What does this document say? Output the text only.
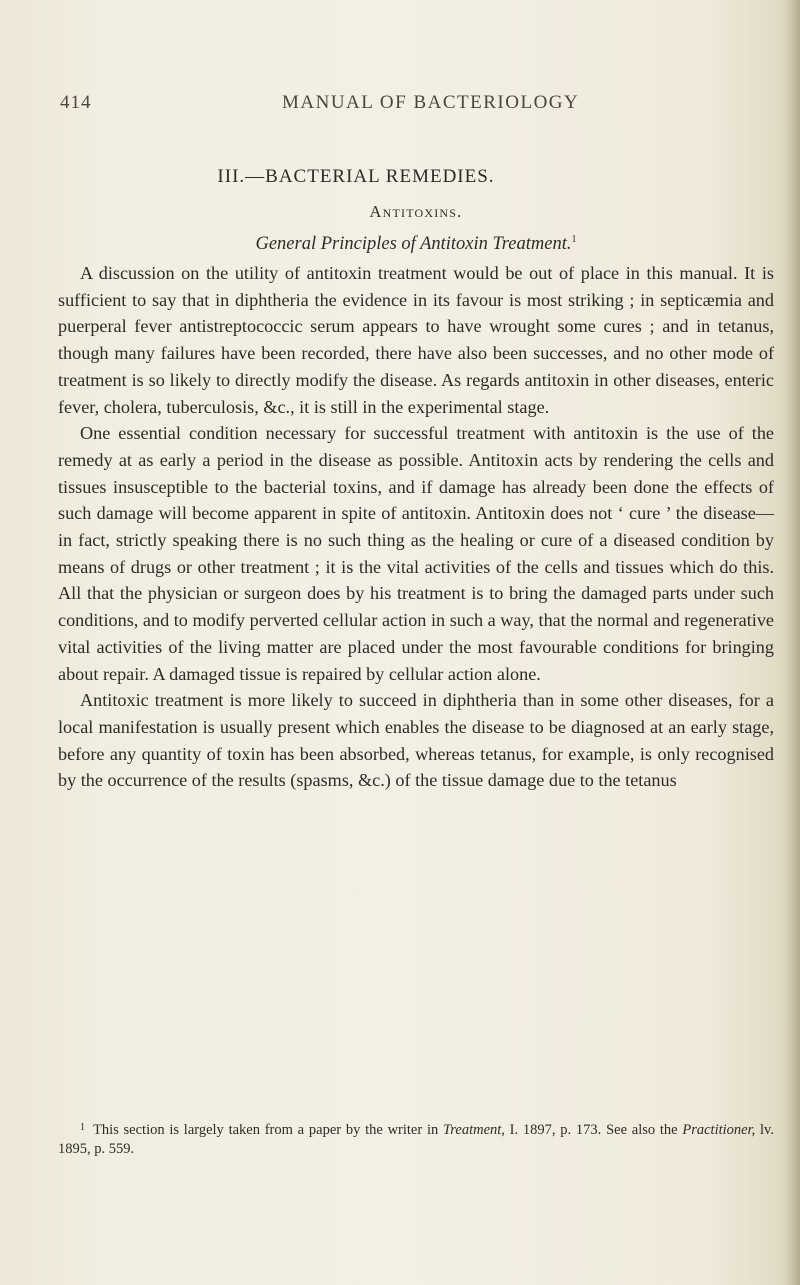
414	MANUAL OF BACTERIOLOGY

III.—BACTERIAL REMEDIES.

Antitoxins.

General Principles of Antitoxin Treatment.$^1$

A discussion on the utility of antitoxin treatment would be out of place in this manual. It is sufficient to say that in diphtheria the evidence in its favour is most striking ; in septicæmia and puerperal fever antistreptococcic serum appears to have wrought some cures ; and in tetanus, though many failures have been recorded, there have also been successes, and no other mode of treatment is so likely to directly modify the disease. As regards antitoxin in other diseases, enteric fever, cholera, tuberculosis, &c., it is still in the experimental stage.

One essential condition necessary for successful treatment with antitoxin is the use of the remedy at as early a period in the disease as possible. Antitoxin acts by rendering the cells and tissues insusceptible to the bacterial toxins, and if damage has already been done the effects of such damage will become apparent in spite of antitoxin. Antitoxin does not ‘ cure ’ the disease—in fact, strictly speaking there is no such thing as the healing or cure of a diseased condition by means of drugs or other treatment ; it is the vital activities of the cells and tissues which do this. All that the physician or surgeon does by his treatment is to bring the damaged parts under such conditions, and to modify perverted cellular action in such a way, that the normal and regenerative vital activities of the living matter are placed under the most favourable conditions for bringing about repair. A damaged tissue is repaired by cellular action alone.

Antitoxic treatment is more likely to succeed in diphtheria than in some other diseases, for a local manifestation is usually present which enables the disease to be diagnosed at an early stage, before any quantity of toxin has been absorbed, whereas tetanus, for example, is only recognised by the occurrence of the results (spasms, &c.) of the tissue damage due to the tetanus

$^1$ This section is largely taken from a paper by the writer in Treatment, I. 1897, p. 173. See also the Practitioner, lv. 1895, p. 559.
